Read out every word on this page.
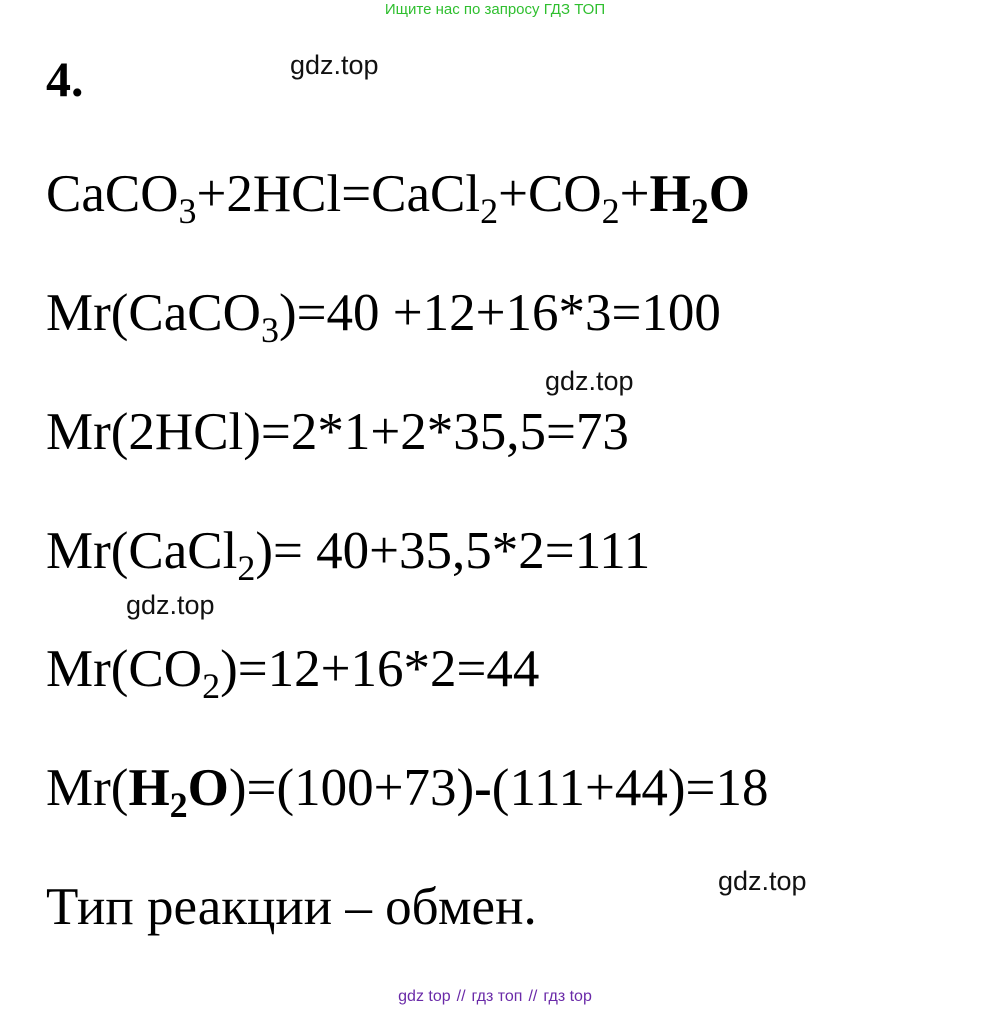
Ищите нас по запросу ГДЗ ТОП
4.	gdz.top
gdz.top
gdz.top
gdz.top
$CaCO_3+2HCl=CaCl_2+CO_2+H_2O$
Mr(CaCO$_3$)=40 +12+16*3=100
Mr(2HCl)=2*1+2*35,5=73
Mr(CaCl$_2$)= 40+35,5*2=111
$Mr(CO_2)=12+16*2=44$
$Mr(H_2O)=(100+73)-(111+44)=18$
Тип реакции – обмен.
gdz top // гдз топ // гдз top
